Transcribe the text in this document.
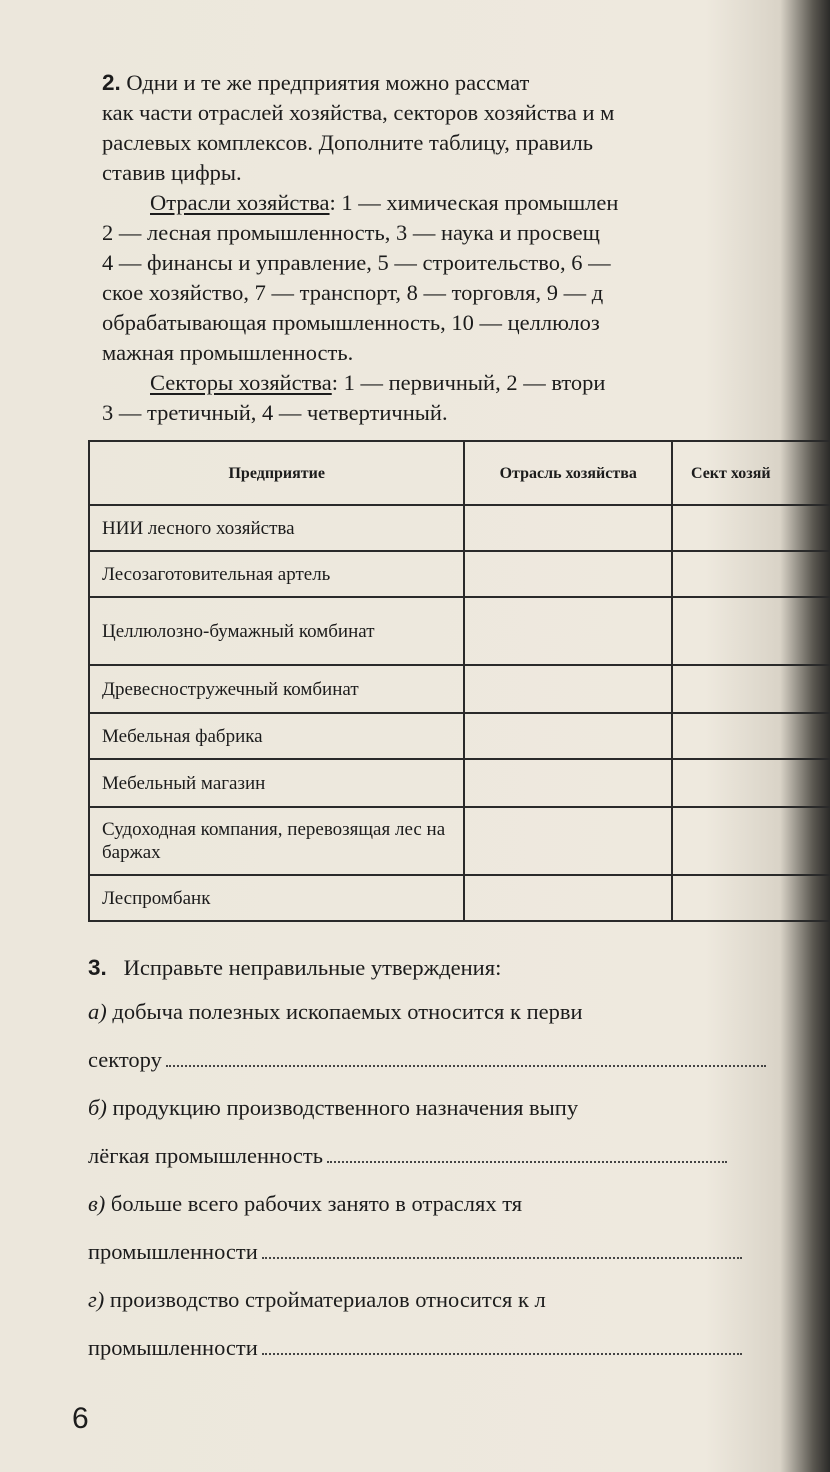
2. Одни и те же предприятия можно рассмат
как части отраслей хозяйства, секторов хозяйства и м
раслевых комплексов. Дополните таблицу, правиль
ставив цифры.
Отрасли хозяйства: 1 — химическая промышлен
2 — лесная промышленность, 3 — наука и просвещ
4 — финансы и управление, 5 — строительство, 6 —
ское хозяйство, 7 — транспорт, 8 — торговля, 9 — д
обрабатывающая промышленность, 10 — целлюлоз
мажная промышленность.
Секторы хозяйства: 1 — первичный, 2 — втори
3 — третичный, 4 — четвертичный.
Предприятие	Отрасль хозяйства	Сект хозяй
НИИ лесного хозяйства		
Лесозаготовительная артель		
Целлюлозно-бумажный комбинат		
Древесностружечный комбинат		
Мебельная фабрика		
Мебельный магазин		
Судоходная компания, перевозящая лес на баржах		
Леспромбанк		
3. Исправьте неправильные утверждения:
а) добыча полезных ископаемых относится к перви
сектору
б) продукцию производственного назначения выпу
лёгкая промышленность
в) больше всего рабочих занято в отраслях тя
промышленности
г) производство стройматериалов относится к л
промышленности
6
